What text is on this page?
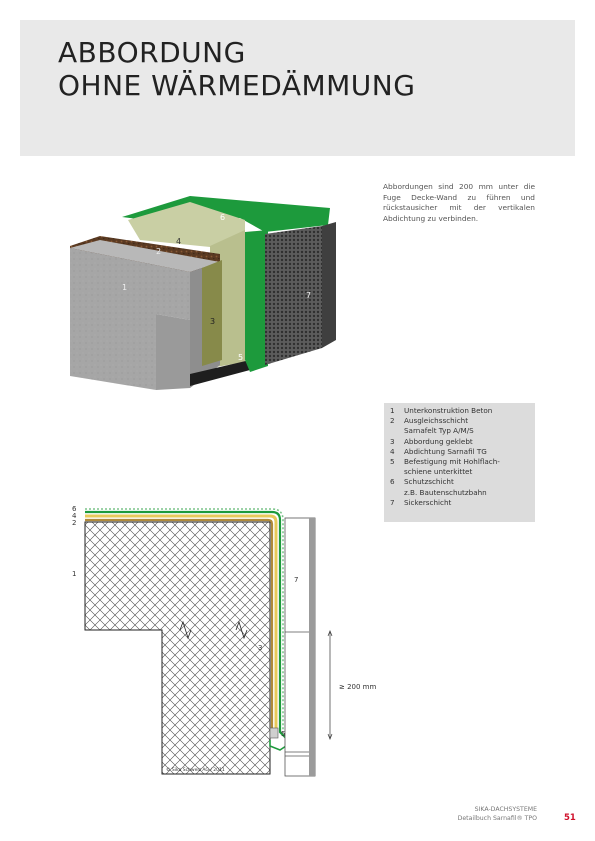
ABBORDUNG
OHNE WÄRMEDÄMMUNG

Abbordungen sind 200 mm unter die Fuge Decke-Wand zu führen und rückstausicher mit der vertikalen Abdichtung zu verbinden.

6
4
2
1
3
5
7
1	Unterkonstruktion Beton
2	Ausgleichsschicht
Sarnafelt Typ A/M/S
3	Abbordung geklebt
4	Abdichtung Sarnafil TG
5	Befestigung mit Hohlflach-
schiene unterkittet
6	Schutzschicht
z.B. Bautenschutzbahn
7	Sickerschicht
6
4
2
1
7
3
5
≥ 200 mm
© Sika Schweiz AG / 2011
SIKA-DACHSYSTEME
Detailbuch Sarnafil® TPO	51
